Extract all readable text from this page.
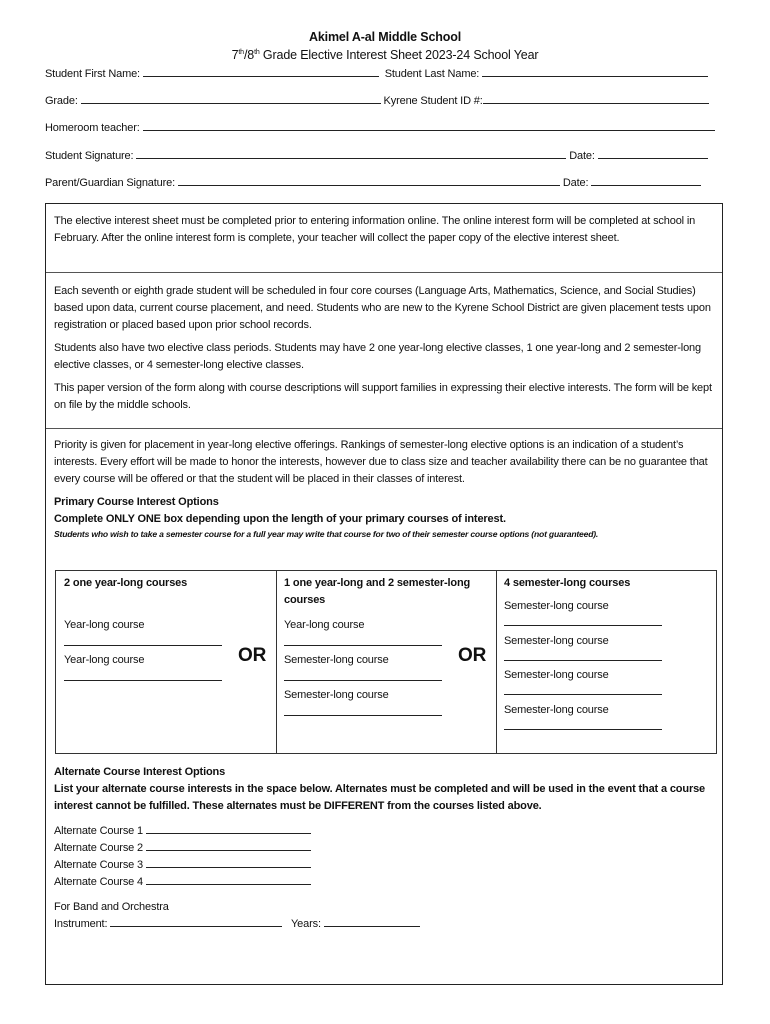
Akimel A-al Middle School
7th/8th Grade Elective Interest Sheet 2023-24 School Year
Student First Name:	Student Last Name:
Grade:	Kyrene Student ID #:
Homeroom teacher:
Student Signature:	Date:
Parent/Guardian Signature:	Date:

The elective interest sheet must be completed prior to entering information online. The online interest form will be completed at school in February. After the online interest form is complete, your teacher will collect the paper copy of the elective interest sheet.

Each seventh or eighth grade student will be scheduled in four core courses (Language Arts, Mathematics, Science, and Social Studies) based upon data, current course placement, and need. Students who are new to the Kyrene School District are given placement tests upon registration or placed based upon prior school records.

Students also have two elective class periods. Students may have 2 one year-long elective classes, 1 one year-long and 2 semester-long elective classes, or 4 semester-long elective classes.

This paper version of the form along with course descriptions will support families in expressing their elective interests. The form will be kept on file by the middle schools.

Priority is given for placement in year-long elective offerings. Rankings of semester-long elective options is an indication of a student’s interests. Every effort will be made to honor the interests, however due to class size and teacher availability there can be no guarantee that every course will be offered or that the student will be placed in their classes of interest.

Primary Course Interest Options

Complete ONLY ONE box depending upon the length of your primary courses of interest.

Students who wish to take a semester course for a full year may write that course for two of their semester course options (not guaranteed).

2 one year-long courses
Year-long course
Year-long course	OR
1 one year-long and 2 semester-long courses
Year-long course
Semester-long course
Semester-long course
OR
4 semester-long courses
Semester-long course
Semester-long course
Semester-long course
Semester-long course

Alternate Course Interest Options

List your alternate course interests in the space below. Alternates must be completed and will be used in the event that a course interest cannot be fulfilled. These alternates must be DIFFERENT from the courses listed above.

Alternate Course 1

Alternate Course 2

Alternate Course 3

Alternate Course 4

For Band and Orchestra

Instrument:	Years:
